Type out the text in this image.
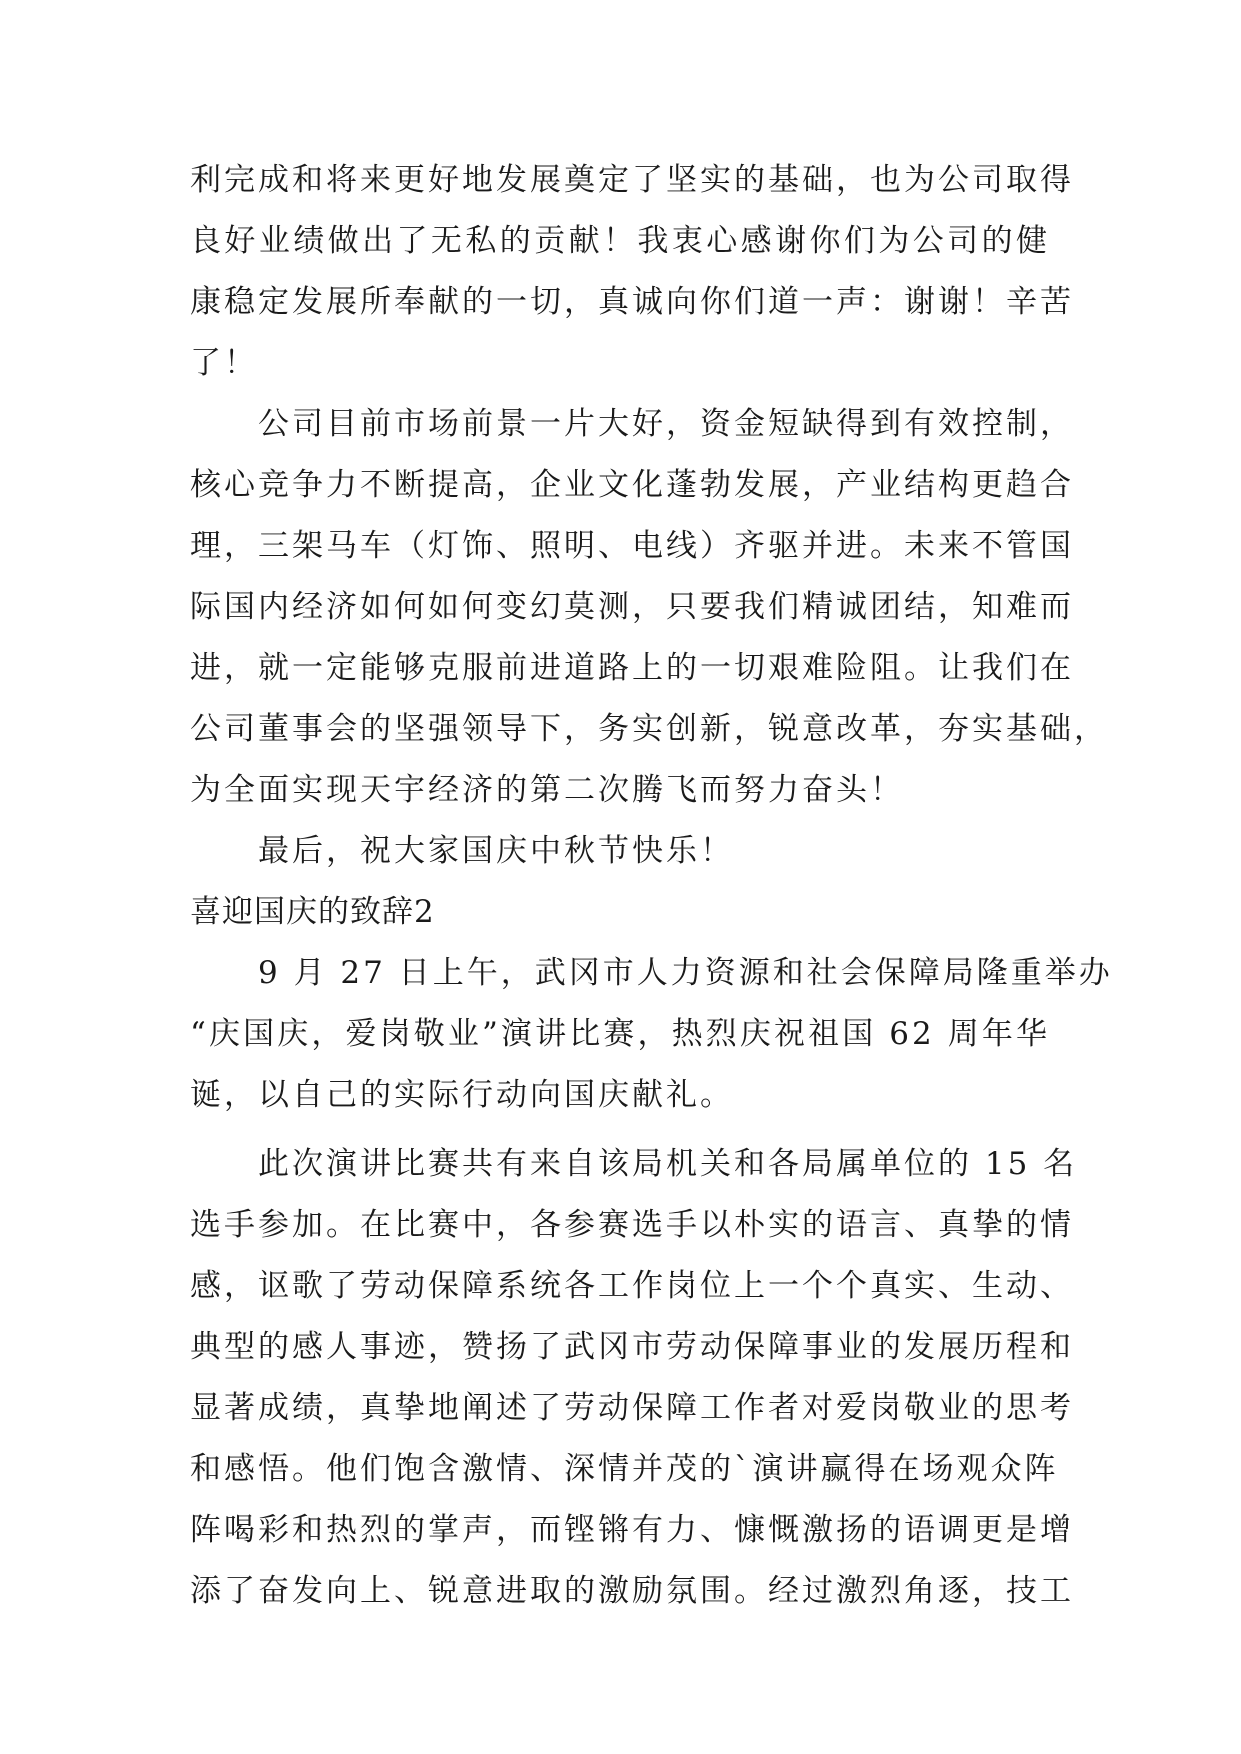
利完成和将来更好地发展奠定了坚实的基础，也为公司取得
良好业绩做出了无私的贡献！我衷心感谢你们为公司的健
康稳定发展所奉献的一切，真诚向你们道一声：谢谢！辛苦
了！
公司目前市场前景一片大好，资金短缺得到有效控制，
核心竞争力不断提高，企业文化蓬勃发展，产业结构更趋合
理，三架马车（灯饰、照明、电线）齐驱并进。未来不管国
际国内经济如何如何变幻莫测，只要我们精诚团结，知难而
进，就一定能够克服前进道路上的一切艰难险阻。让我们在
公司董事会的坚强领导下，务实创新，锐意改革，夯实基础，
为全面实现天宇经济的第二次腾飞而努力奋头！
最后，祝大家国庆中秋节快乐！
喜迎国庆的致辞2
9 月 27 日上午，武冈市人力资源和社会保障局隆重举办
“庆国庆，爱岗敬业”演讲比赛，热烈庆祝祖国 62 周年华
诞，以自己的实际行动向国庆献礼。
此次演讲比赛共有来自该局机关和各局属单位的 15 名
选手参加。在比赛中，各参赛选手以朴实的语言、真挚的情
感，讴歌了劳动保障系统各工作岗位上一个个真实、生动、
典型的感人事迹，赞扬了武冈市劳动保障事业的发展历程和
显著成绩，真挚地阐述了劳动保障工作者对爱岗敬业的思考
和感悟。他们饱含激情、深情并茂的`演讲赢得在场观众阵
阵喝彩和热烈的掌声，而铿锵有力、慷慨激扬的语调更是增
添了奋发向上、锐意进取的激励氛围。经过激烈角逐，技工
